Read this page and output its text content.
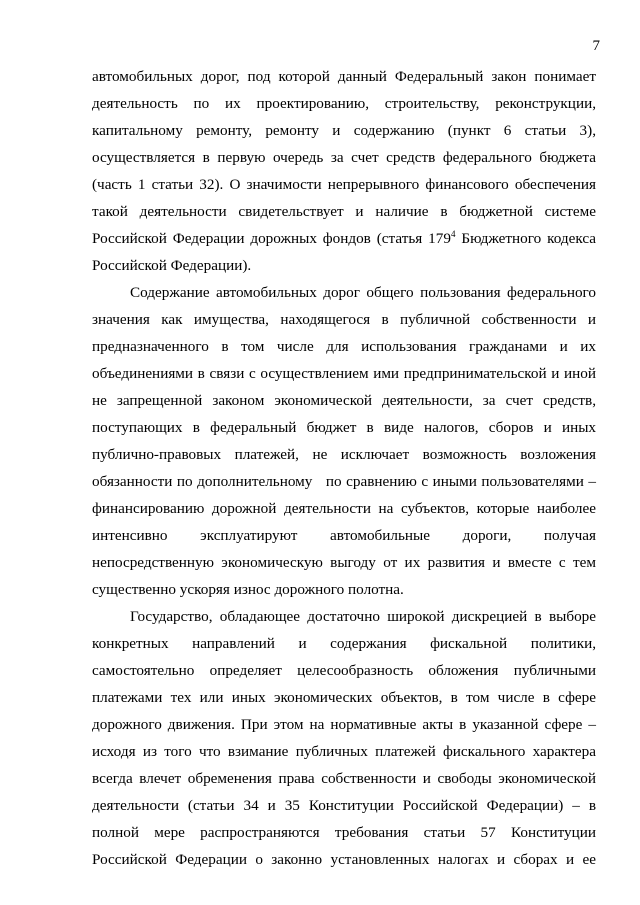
7
автомобильных дорог, под которой данный Федеральный закон понимает
деятельность по их проектированию, строительству, реконструкции,
капитальному ремонту, ремонту и содержанию (пункт 6 статьи 3),
осуществляется в первую очередь за счет средств федерального бюджета
(часть 1 статьи 32). О значимости непрерывного финансового обеспечения
такой деятельности свидетельствует и наличие в бюджетной системе
Российской Федерации дорожных фондов (статья $179^4$ Бюджетного кодекса
Российской Федерации).
Содержание автомобильных дорог общего пользования федерального
значения как имущества, находящегося в публичной собственности и
предназначенного в том числе для использования гражданами и их
объединениями в связи с осуществлением ими предпринимательской и иной
не запрещенной законом экономической деятельности, за счет средств,
поступающих в федеральный бюджет в виде налогов, сборов и иных
публично-правовых платежей, не исключает возможность возложения
обязанности по дополнительному   по сравнению с иными пользователями –
финансированию дорожной деятельности на субъектов, которые наиболее
интенсивно эксплуатируют автомобильные дороги, получая
непосредственную экономическую выгоду от их развития и вместе с тем
существенно ускоряя износ дорожного полотна.
Государство, обладающее достаточно широкой дискрецией в выборе
конкретных направлений и содержания фискальной политики,
самостоятельно определяет целесообразность обложения публичными
платежами тех или иных экономических объектов, в том числе в сфере
дорожного движения. При этом на нормативные акты в указанной сфере –
исходя из того что взимание публичных платежей фискального характера
всегда влечет обременения права собственности и свободы экономической
деятельности (статьи 34 и 35 Конституции Российской Федерации) – в
полной мере распространяются требования статьи 57 Конституции
Российской Федерации о законно установленных налогах и сборах и ее
